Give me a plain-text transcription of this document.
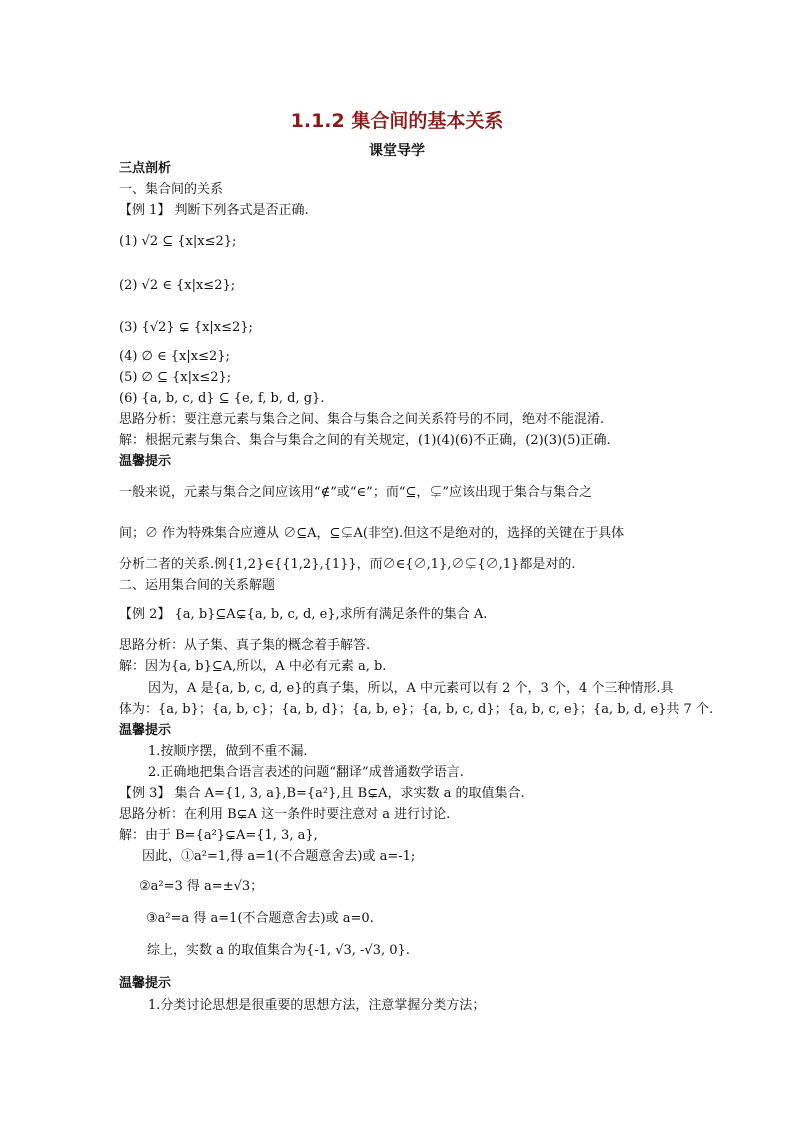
1.1.2 集合间的基本关系
课堂导学
三点剖析
一、集合间的关系
【例 1】 判断下列各式是否正确.
(1) √2 ⊆ {x|x≤2};
(2) √2 ∈ {x|x≤2};
(3) {√2} ⊊ {x|x≤2};
(4) ∅ ∈ {x|x≤2};
(5) ∅ ⊆ {x|x≤2};
(6) {a, b, c, d} ⊆ {e, f, b, d, g}.
思路分析：要注意元素与集合之间、集合与集合之间关系符号的不同，绝对不能混淆.
解：根据元素与集合、集合与集合之间的有关规定，(1)(4)(6)不正确，(2)(3)(5)正确.
温馨提示
一般来说，元素与集合之间应该用“∉”或“∈”；而“⊆，⊊”应该出现于集合与集合之
间；∅ 作为特殊集合应遵从 ∅⊆A，⊆⊊A(非空).但这不是绝对的，选择的关键在于具体
分析二者的关系.例{1,2}∈{{1,2},{1}}，而∅∈{∅,1},∅⊊{∅,1}都是对的.
二、运用集合间的关系解题
【例 2】 {a, b}⊆A⊊{a, b, c, d, e},求所有满足条件的集合 A.
思路分析：从子集、真子集的概念着手解答.
解：因为{a, b}⊆A,所以，A 中必有元素 a, b.
因为，A 是{a, b, c, d, e}的真子集，所以，A 中元素可以有 2 个，3 个，4 个三种情形.具
体为：{a, b}；{a, b, c}；{a, b, d}；{a, b, e}；{a, b, c, d}；{a, b, c, e}；{a, b, d, e}共 7 个.
温馨提示
1.按顺序摆，做到不重不漏.
2.正确地把集合语言表述的问题“翻译”成普通数学语言.
【例 3】 集合 A={1, 3, a},B={a²},且 B⊊A，求实数 a 的取值集合.
思路分析：在利用 B⊊A 这一条件时要注意对 a 进行讨论.
解：由于 B={a²}⊊A={1, 3, a},
因此，①a²=1,得 a=1(不合题意舍去)或 a=-1;
②a²=3 得 a=±√3；
③a²=a 得 a=1(不合题意舍去)或 a=0.
综上，实数 a 的取值集合为{-1, √3, -√3, 0}.
温馨提示
1.分类讨论思想是很重要的思想方法，注意掌握分类方法；
